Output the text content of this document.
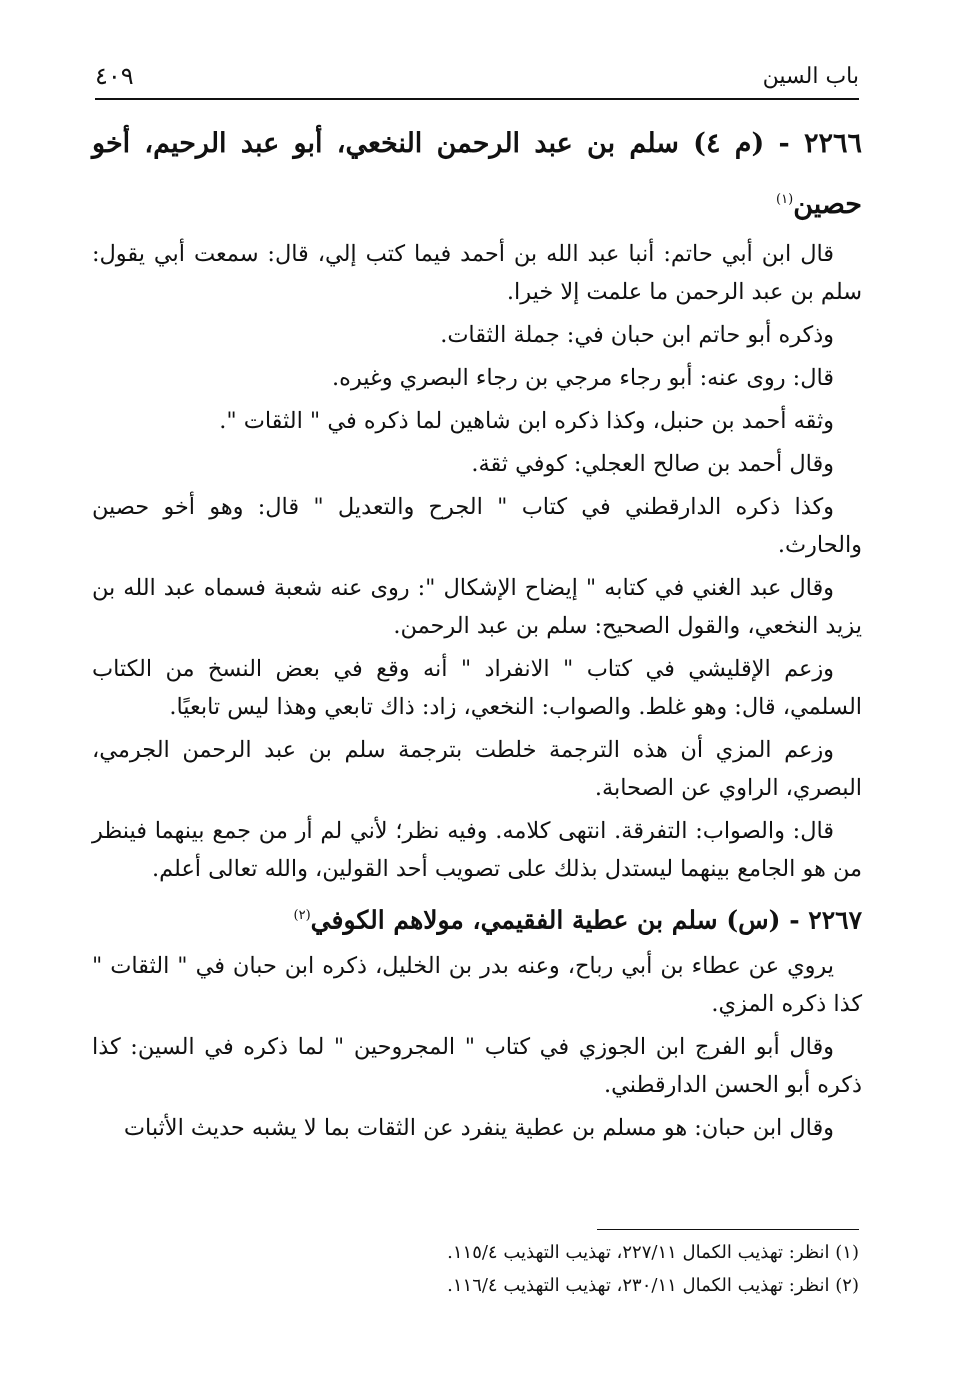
باب السين
٤٠٩
٢٢٦٦ - (م ٤) سلم بن عبد الرحمن النخعي، أبو عبد الرحيم، أخو حصين$^{(١)}$

قال ابن أبي حاتم: أنبا عبد الله بن أحمد فيما كتب إلي، قال: سمعت أبي يقول: سلم بن عبد الرحمن ما علمت إلا خيرا.

وذكره أبو حاتم ابن حبان في: جملة الثقات.

قال: روى عنه: أبو رجاء مرجي بن رجاء البصري وغيره.

وثقه أحمد بن حنبل، وكذا ذكره ابن شاهين لما ذكره في " الثقات ".

وقال أحمد بن صالح العجلي: كوفي ثقة.

وكذا ذكره الدارقطني في كتاب " الجرح والتعديل " قال: وهو أخو حصين والحارث.

وقال عبد الغني في كتابه " إيضاح الإشكال ": روى عنه شعبة فسماه عبد الله بن يزيد النخعي، والقول الصحيح: سلم بن عبد الرحمن.

وزعم الإقليشي في كتاب " الانفراد " أنه وقع في بعض النسخ من الكتاب السلمي، قال: وهو غلط. والصواب: النخعي، زاد: ذاك تابعي وهذا ليس تابعيًا.

وزعم المزي أن هذه الترجمة خلطت بترجمة سلم بن عبد الرحمن الجرمي، البصري، الراوي عن الصحابة.

قال: والصواب: التفرقة. انتهى كلامه. وفيه نظر؛ لأني لم أر من جمع بينهما فينظر من هو الجامع بينهما ليستدل بذلك على تصويب أحد القولين، والله تعالى أعلم.

٢٢٦٧ - (س) سلم بن عطية الفقيمي، مولاهم الكوفي$^{(٢)}$

يروي عن عطاء بن أبي رباح، وعنه بدر بن الخليل، ذكره ابن حبان في " الثقات " كذا ذكره المزي.

وقال أبو الفرج ابن الجوزي في كتاب " المجروحين " لما ذكره في السين: كذا ذكره أبو الحسن الدارقطني.

وقال ابن حبان: هو مسلم بن عطية ينفرد عن الثقات بما لا يشبه حديث الأثبات

(١) انظر: تهذيب الكمال ٢٢٧/١١، تهذيب التهذيب ١١٥/٤.

(٢) انظر: تهذيب الكمال ٢٣٠/١١، تهذيب التهذيب ١١٦/٤.
